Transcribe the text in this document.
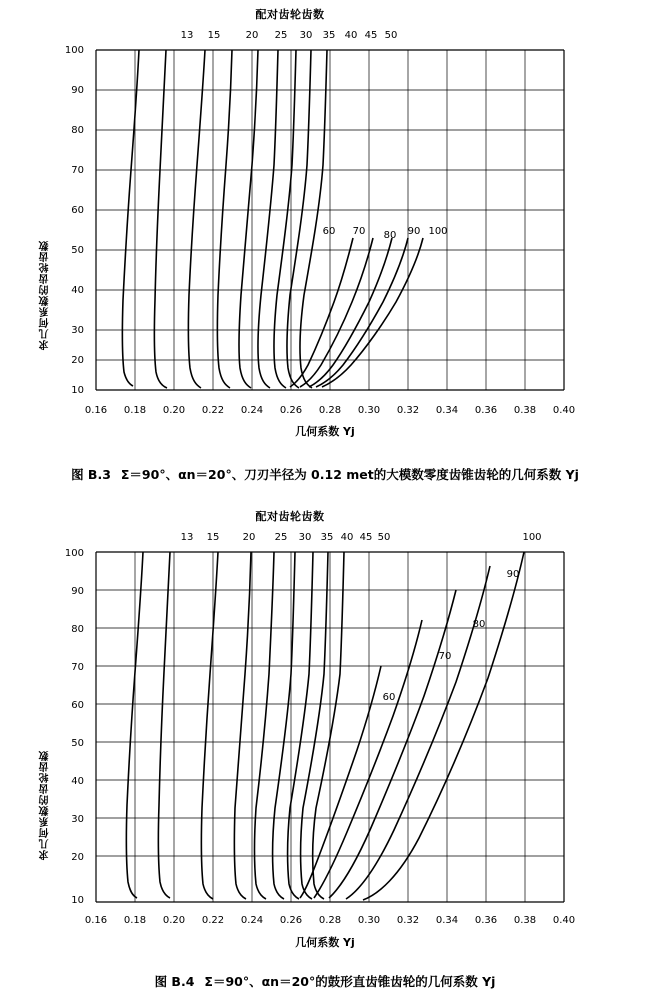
配对齿轮齿数
求几何系数的齿轮齿数
13 15	20 25 30 35 40 45 50
60 70 80 90 100
100
90
80
70
60
50
40
30
20
10
0.16	0.18	0.20	0.22	0.24	0.26	0.28	0.30	0.32	0.34	0.36	0.38	0.40
几何系数 Yj
图 B.3 Σ＝90°、αn＝20°、刀刃半径为 0.12 met的大模数零度齿锥齿轮的几何系数 Yj
配对齿轮齿数
求几何系数的齿轮齿数
13 15 20 25 30 35 40 45 50	100
90
80
70
60
100
90
80
70
60
50
40
30
20
10
0.16	0.18	0.20	0.22	0.24	0.26	0.28	0.30	0.32	0.34	0.36	0.38	0.40
几何系数 Yj
图 B.4 Σ＝90°、αn＝20°的鼓形直齿锥齿轮的几何系数 Yj
